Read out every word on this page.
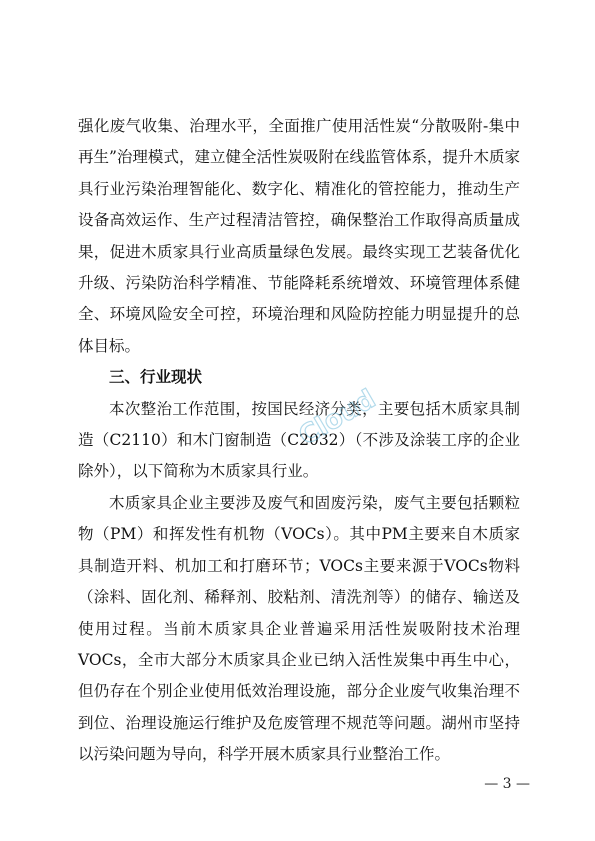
强化废气收集、治理水平，全面推广使用活性炭“分散吸附-集中再生”治理模式，建立健全活性炭吸附在线监管体系，提升木质家具行业污染治理智能化、数字化、精准化的管控能力，推动生产设备高效运作、生产过程清洁管控，确保整治工作取得高质量成果，促进木质家具行业高质量绿色发展。最终实现工艺装备优化升级、污染防治科学精准、节能降耗系统增效、环境管理体系健全、环境风险安全可控，环境治理和风险防控能力明显提升的总体目标。

三、行业现状

本次整治工作范围，按国民经济分类，主要包括木质家具制造（C2110）和木门窗制造（C2032）（不涉及涂装工序的企业除外），以下简称为木质家具行业。

木质家具企业主要涉及废气和固废污染，废气主要包括颗粒物（PM）和挥发性有机物（VOCs）。其中PM主要来自木质家具制造开料、机加工和打磨环节；VOCs主要来源于VOCs物料（涂料、固化剂、稀释剂、胶粘剂、清洗剂等）的储存、输送及使用过程。当前木质家具企业普遍采用活性炭吸附技术治理VOCs，全市大部分木质家具企业已纳入活性炭集中再生中心，但仍存在个别企业使用低效治理设施，部分企业废气收集治理不到位、治理设施运行维护及危废管理不规范等问题。湖州市坚持以污染问题为导向，科学开展木质家具行业整治工作。

Cloud
— 3 —
